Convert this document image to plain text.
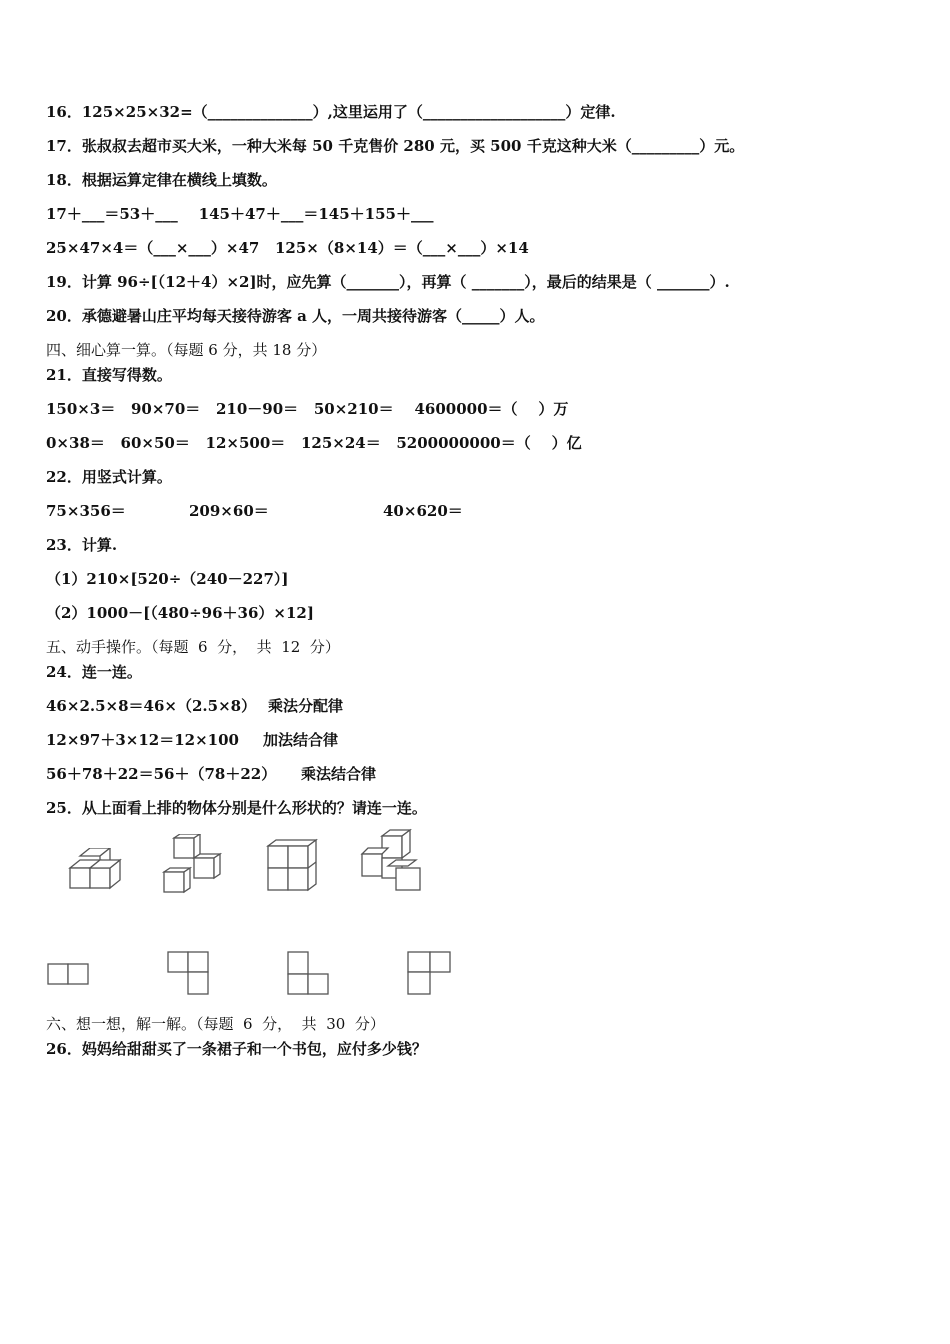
16．125×25×32=（______________）,这里运用了（___________________）定律.
17．张叔叔去超市买大米，一种大米每 50 千克售价 280 元，买 500 千克这种大米（_________）元。
18．根据运算定律在横线上填数。
17＋___＝53＋___    145＋47＋___＝145＋155＋___
25×47×4＝（___×___）×47   125×（8×14）＝（___×___）×14
19．计算 96÷[（12＋4）×2]时，应先算（_______），再算（ _______），最后的结果是（ _______）.
20．承德避暑山庄平均每天接待游客 a 人，一周共接待游客（_____）人。
四、细心算一算。（每题 6 分，共 18 分）
21．直接写得数。
150×3＝   90×70＝   210－90＝   50×210＝    4600000＝（    ）万
0×38＝   60×50＝   12×500＝   125×24＝   5200000000＝（    ）亿
22．用竖式计算。
75×356＝	209×60＝	40×620＝
23．计算.
（1）210×[520÷（240－227）]
（2）1000－[（480÷96＋36）×12]
五、动手操作。（每题  6  分，  共  12  分）
24．连一连。
46×2.5×8＝46×（2.5×8）
12×97＋3×12＝12×100
56＋78＋22＝56＋（78＋22）
乘法分配律
加法结合律
乘法结合律
25．从上面看上排的物体分别是什么形状的？请连一连。
六、想一想，解一解。（每题  6  分，  共  30  分）
26．妈妈给甜甜买了一条裙子和一个书包，应付多少钱？
